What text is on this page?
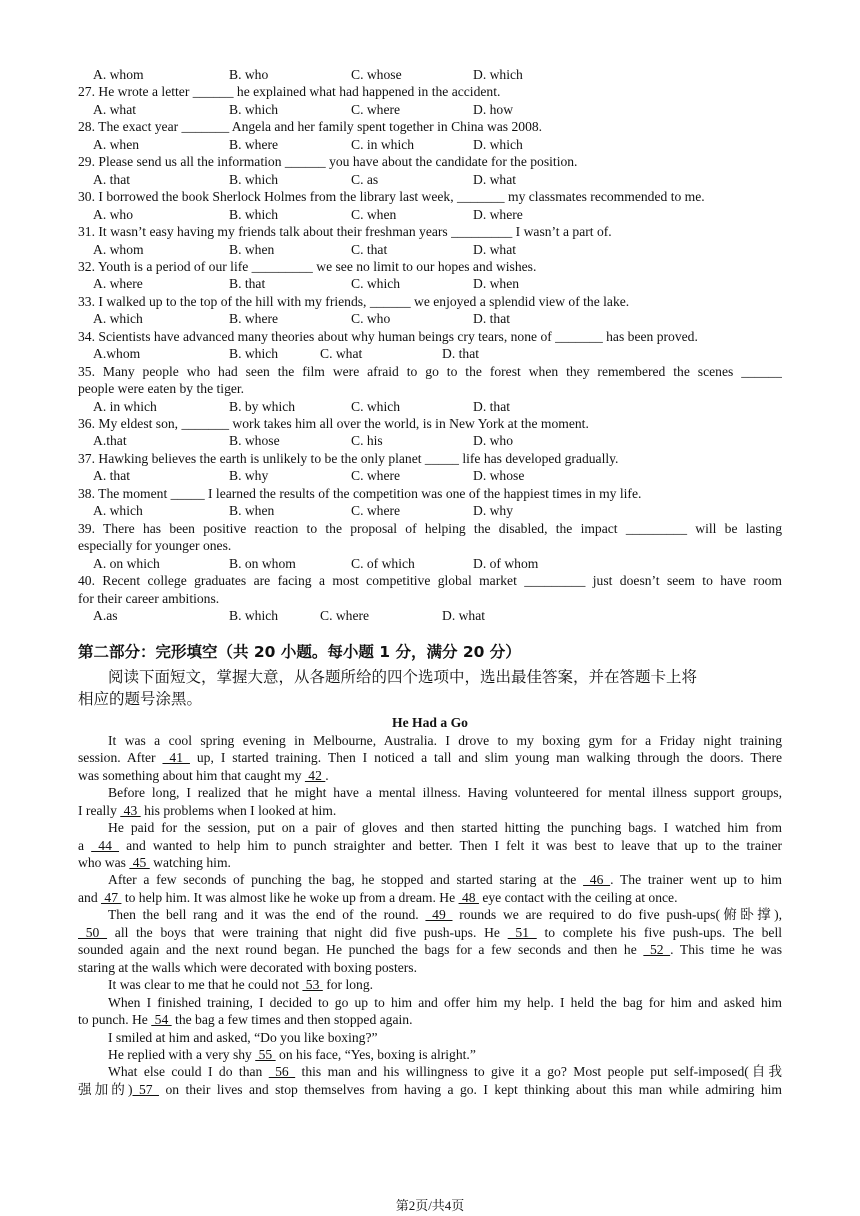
A. whom	B. who	C. whose	D. which
27. He wrote a letter ______ he explained what had happened in the accident.
A. what	B. which	C. where	D. how
28. The exact year _______ Angela and her family spent together in China was 2008.
A. when	B. where	C. in which	D. which
29. Please send us all the information ______ you have about the candidate for the position.
A. that	B. which	C. as	D. what
30. I borrowed the book Sherlock Holmes from the library last week, _______ my classmates recommended to me.
A. who	B. which	C. when	D. where
31. It wasn’t easy having my friends talk about their freshman years _________ I wasn’t a part of.
A. whom	B. when	C. that	D. what
32. Youth is a period of our life _________ we see no limit to our hopes and wishes.
A. where	B. that	C. which	D. when
33. I walked up to the top of the hill with my friends, ______ we enjoyed a splendid view of the lake.
A. which	B. where	C. who	D. that
34. Scientists have advanced many theories about why human beings cry tears, none of _______ has been proved.
A.whom	B. which	C. what	D. that
35. Many people who had seen the film were afraid to go to the forest when they remembered the scenes ______
people were eaten by the tiger.
A. in which	B. by which	C. which	D. that
36. My eldest son, _______ work takes him all over the world, is in New York at the moment.
A.that	B. whose	C. his	D. who
37. Hawking believes the earth is unlikely to be the only planet _____ life has developed gradually.
A. that	B. why	C. where	D. whose
38. The moment _____ I learned the results of the competition was one of the happiest times in my life.
A. which	B. when	C. where	D. why
39. There has been positive reaction to the proposal of helping the disabled, the impact _________ will be lasting
especially for younger ones.
A. on which	B. on whom	C. of which	D. of whom
40. Recent college graduates are facing a most competitive global market _________ just doesn’t seem to have room
for their career ambitions.
A.as	B. which	C. where	D. what
第二部分：完形填空（共 20 小题。每小题 1 分，满分 20 分）
阅读下面短文，掌握大意，从各题所给的四个选项中，选出最佳答案，并在答题卡上将
相应的题号涂黑。
He Had a Go
It was a cool spring evening in Melbourne, Australia. I drove to my boxing gym for a Friday night training
session. After  41  up, I started training. Then I noticed a tall and slim young man walking through the doors. There
was something about him that caught my  42 .
Before long, I realized that he might have a mental illness. Having volunteered for mental illness support groups,
I really  43  his problems when I looked at him.
He paid for the session, put on a pair of gloves and then started hitting the punching bags. I watched him from
a  44  and wanted to help him to punch straighter and better. Then I felt it was best to leave that up to the trainer
who was  45  watching him.
After a few seconds of punching the bag, he stopped and started staring at the  46 . The trainer went up to him
and  47  to help him. It was almost like he woke up from a dream. He  48  eye contact with the ceiling at once.
Then the bell rang and it was the end of the round.  49  rounds we are required to do five push-ups(俯卧撑),
50  all the boys that were training that night did five push-ups. He  51  to complete his five push-ups. The bell
sounded again and the next round began. He punched the bags for a few seconds and then he  52 . This time he was
staring at the walls which were decorated with boxing posters.
It was clear to me that he could not  53  for long.
When I finished training, I decided to go up to him and offer him my help. I held the bag for him and asked him
to punch. He  54  the bag a few times and then stopped again.
I smiled at him and asked, “Do you like boxing?”
He replied with a very shy  55  on his face, “Yes, boxing is alright.”
What else could I do than  56  this man and his willingness to give it a go? Most people put self-imposed(自我
强加的) 57  on their lives and stop themselves from having a go. I kept thinking about this man while admiring him
第2页/共4页
